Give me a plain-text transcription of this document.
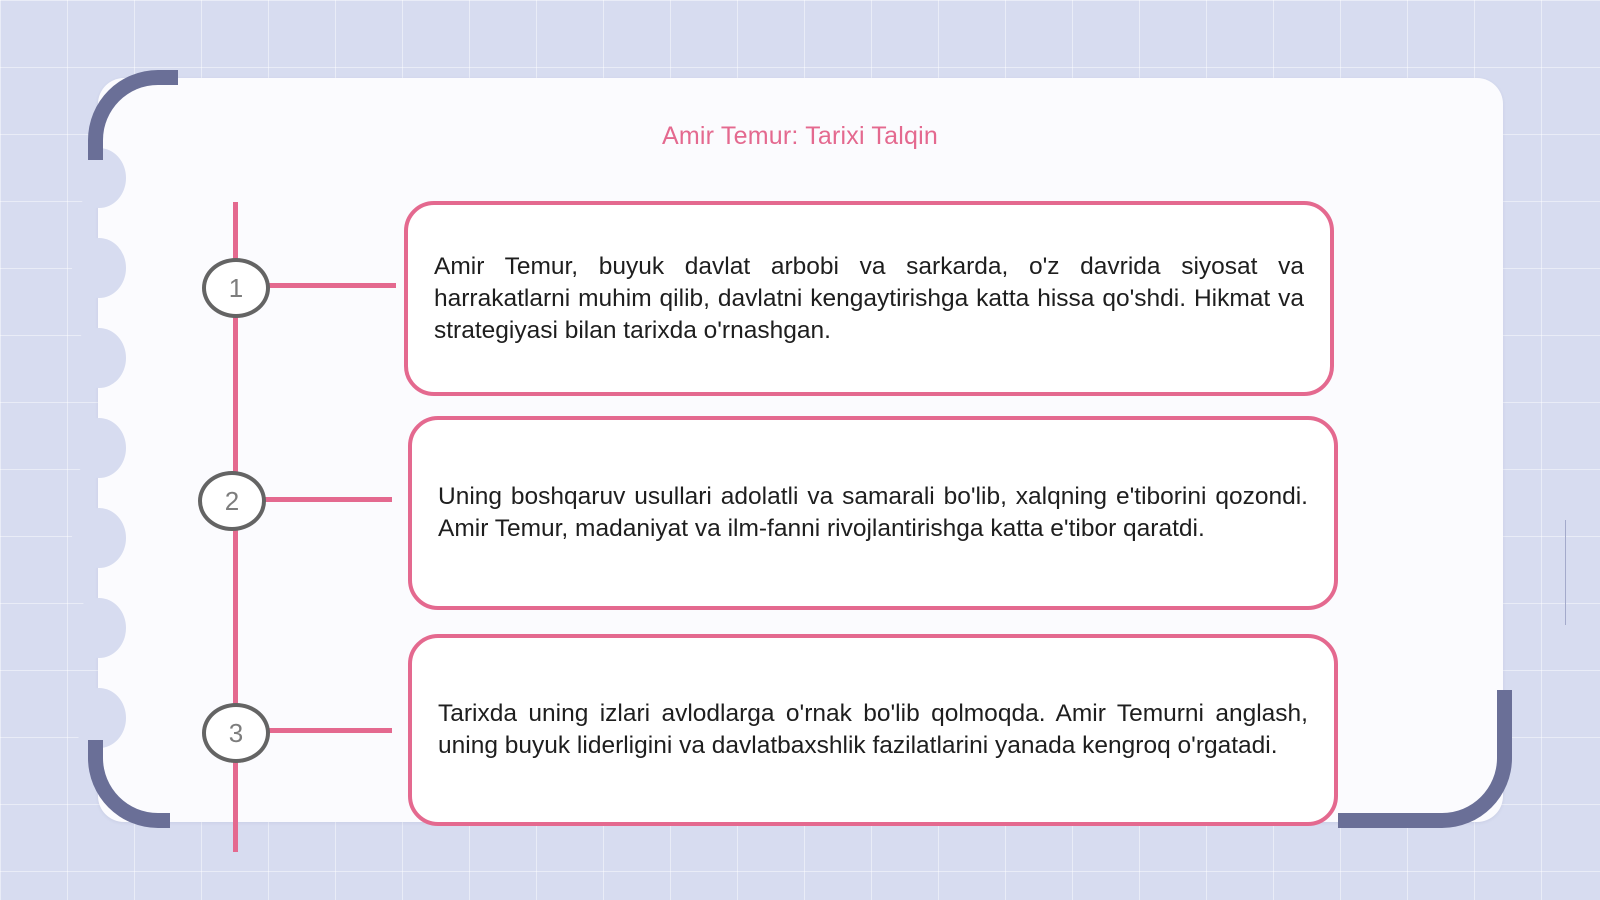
Amir Temur: Tarixi Talqin
1

Amir Temur, buyuk davlat arbobi va sarkarda, o'z davrida siyosat va harrakatlarni muhim qilib, davlatni kengaytirishga katta hissa qo'shdi. Hikmat va strategiyasi bilan tarixda o'rnashgan.

2	Uning boshqaruv usullari adolatli va samarali bo'lib, xalqning e'tiborini qozondi. Amir Temur, madaniyat va ilm-fanni rivojlantirishga katta e'tibor qaratdi.

3

Tarixda uning izlari avlodlarga o'rnak bo'lib qolmoqda. Amir Temurni anglash, uning buyuk liderligini va davlatbaxshlik fazilatlarini yanada kengroq o'rgatadi.
